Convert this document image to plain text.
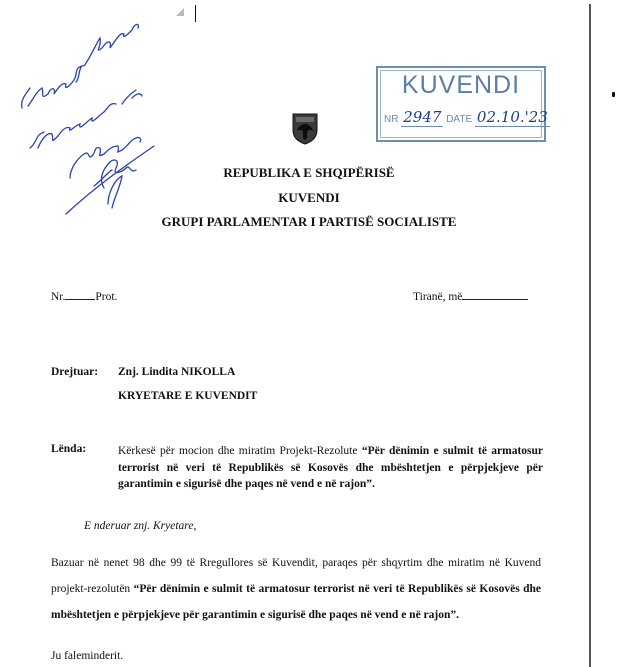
KUVENDI
NR 2947 DATE 02.10.'23
REPUBLIKA E SHQIPËRISË
KUVENDI
GRUPI PARLAMENTAR I PARTISË SOCIALISTE
Nr.	Prot.	Tiranë, më
Drejtuar: Znj. Lindita NIKOLLA
KRYETARE E KUVENDIT
Lënda:	Kërkesë për mocion dhe miratim Projekt-Rezolute “Për dënimin e sulmit të armatosur terrorist në veri të Republikës së Kosovës dhe mbështetjen e përpjekjeve për garantimin e sigurisë dhe paqes në vend e në rajon”.
E nderuar znj. Kryetare,
Bazuar në nenet 98 dhe 99 të Rregullores së Kuvendit, paraqes për shqyrtim dhe miratim në Kuvend projekt-rezolutën “Për dënimin e sulmit të armatosur terrorist në veri të Republikës së Kosovës dhe mbështetjen e përpjekjeve për garantimin e sigurisë dhe paqes në vend e në rajon”.
Ju faleminderit.
